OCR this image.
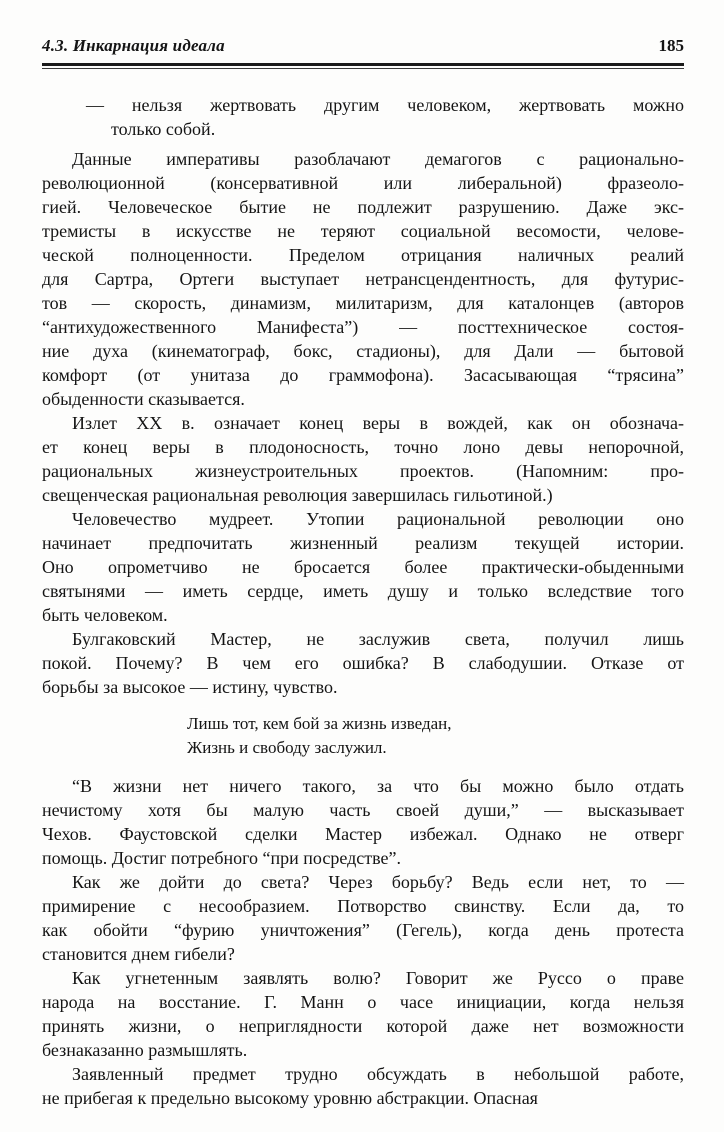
4.3. Инкарнация идеала	185
— нельзя жертвовать другим человеком, жертвовать можно
только собой.
Данные императивы разоблачают демагогов с рационально-
революционной (консервативной или либеральной) фразеоло-
гией. Человеческое бытие не подлежит разрушению. Даже экс-
тремисты в искусстве не теряют социальной весомости, челове-
ческой полноценности. Пределом отрицания наличных реалий
для Сартра, Ортеги выступает нетрансцендентность, для футурис-
тов — скорость, динамизм, милитаризм, для каталонцев (авторов
“антихудожественного Манифеста”) — посттехническое состоя-
ние духа (кинематограф, бокс, стадионы), для Дали — бытовой
комфорт (от унитаза до граммофона). Засасывающая “трясина”
обыденности сказывается.
Излет XX в. означает конец веры в вождей, как он обознача-
ет конец веры в плодоносность, точно лоно девы непорочной,
рациональных жизнеустроительных проектов. (Напомним: про-
свещенческая рациональная революция завершилась гильотиной.)
Человечество мудреет. Утопии рациональной революции оно
начинает предпочитать жизненный реализм текущей истории.
Оно опрометчиво не бросается более практически-обыденными
святынями — иметь сердце, иметь душу и только вследствие того
быть человеком.
Булгаковский Мастер, не заслужив света, получил лишь
покой. Почему? В чем его ошибка? В слабодушии. Отказе от
борьбы за высокое — истину, чувство.
Лишь тот, кем бой за жизнь изведан,
Жизнь и свободу заслужил.
“В жизни нет ничего такого, за что бы можно было отдать
нечистому хотя бы малую часть своей души,” — высказывает
Чехов. Фаустовской сделки Мастер избежал. Однако не отверг
помощь. Достиг потребного “при посредстве”.
Как же дойти до света? Через борьбу? Ведь если нет, то —
примирение с несообразием. Потворство свинству. Если да, то
как обойти “фурию уничтожения” (Гегель), когда день протеста
становится днем гибели?
Как угнетенным заявлять волю? Говорит же Руссо о праве
народа на восстание. Г. Манн о часе инициации, когда нельзя
принять жизни, о неприглядности которой даже нет возможности
безнаказанно размышлять.
Заявленный предмет трудно обсуждать в небольшой работе,
не прибегая к предельно высокому уровню абстракции. Опасная
